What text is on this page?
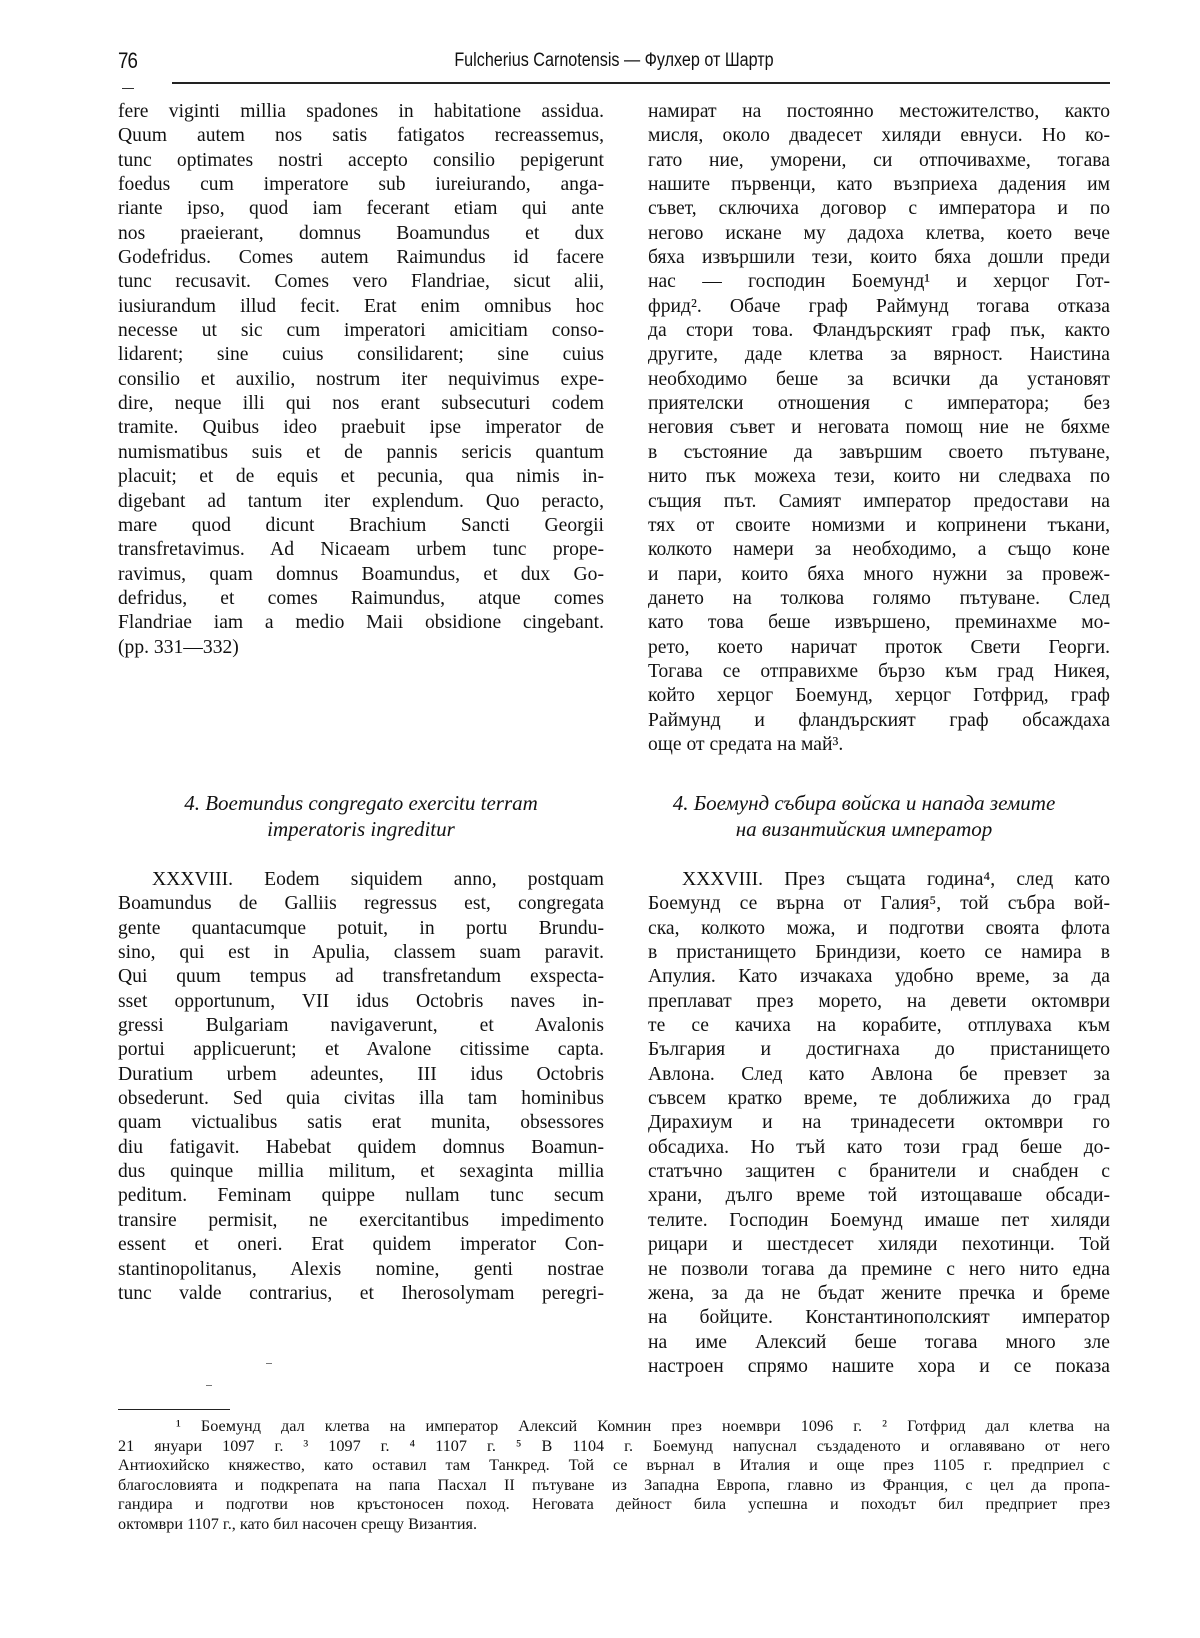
76	Fulcherius Carnotensis — Фулхер от Шартр
fere viginti millia spadones in habitatione assidua.
Quum autem nos satis fatigatos recreassemus,
tunc optimates nostri accepto consilio pepigerunt
foedus cum imperatore sub iureiurando, anga-
riante ipso, quod iam fecerant etiam qui ante
nos praeierant, domnus Boamundus et dux
Godefridus. Comes autem Raimundus id facere
tunc recusavit. Comes vero Flandriae, sicut alii,
iusiurandum illud fecit. Erat enim omnibus hoc
necesse ut sic cum imperatori amicitiam conso-
lidarent; sine cuius consilidarent; sine cuius
consilio et auxilio, nostrum iter nequivimus expe-
dire, neque illi qui nos erant subsecuturi codem
tramite. Quibus ideo praebuit ipse imperator de
numismatibus suis et de pannis sericis quantum
placuit; et de equis et pecunia, qua nimis in-
digebant ad tantum iter explendum. Quo peracto,
mare quod dicunt Brachium Sancti Georgii
transfretavimus. Ad Nicaeam urbem tunc prope-
ravimus, quam domnus Boamundus, et dux Go-
defridus, et comes Raimundus, atque comes
Flandriae iam a medio Maii obsidione cingebant.
(pp. 331—332)
намират на постоянно местожителство, както
мисля, около двадесет хиляди евнуси. Но ко-
гато ние, уморени, си отпочивахме, тогава
нашите първенци, като възприеха дадения им
съвет, сключиха договор с императора и по
негово искане му дадоха клетва, което вече
бяха извършили тези, които бяха дошли преди
нас — господин Боемунд¹ и херцог Гот-
фрид². Обаче граф Раймунд тогава отказа
да стори това. Фландърският граф пък, както
другите, даде клетва за вярност. Наистина
необходимо беше за всички да установят
приятелски отношения с императора; без
неговия съвет и неговата помощ ние не бяхме
в състояние да завършим своето пътуване,
нито пък можеха тези, които ни следваха по
същия път. Самият император предостави на
тях от своите номизми и копринени тъкани,
колкото намери за необходимо, а също коне
и пари, които бяха много нужни за провеж-
дането на толкова голямо пътуване. След
като това беше извършено, преминахме мо-
рето, което наричат проток Свети Георги.
Тогава се отправихме бързо към град Никея,
който херцог Боемунд, херцог Готфрид, граф
Раймунд и фландърският граф обсаждаха
още от средата на май³.
4. Boemundus congregato exercitu terram
imperatoris ingreditur
4. Боемунд събира войска и напада земите
на византийския император
XXXVIII. Eodem siquidem anno, postquam
Boamundus de Galliis regressus est, congregata
gente quantacumque potuit, in portu Brundu-
sino, qui est in Apulia, classem suam paravit.
Qui quum tempus ad transfretandum exspecta-
sset opportunum, VII idus Octobris naves in-
gressi Bulgariam navigaverunt, et Avalonis
portui applicuerunt; et Avalone citissime capta.
Duratium urbem adeuntes, III idus Octobris
obsederunt. Sed quia civitas illa tam hominibus
quam victualibus satis erat munita, obsessores
diu fatigavit. Habebat quidem domnus Boamun-
dus quinque millia militum, et sexaginta millia
peditum. Feminam quippe nullam tunc secum
transire permisit, ne exercitantibus impedimento
essent et oneri. Erat quidem imperator Con-
stantinopolitanus, Alexis nomine, genti nostrae
tunc valde contrarius, et Iherosolymam peregri-
XXXVIII. През същата година⁴, след като
Боемунд се върна от Галия⁵, той събра вой-
ска, колкото можа, и подготви своята флота
в пристанището Бриндизи, което се намира в
Апулия. Като изчакаха удобно време, за да
преплават през морето, на девети октомври
те се качиха на корабите, отплуваха към
България и достигнаха до пристанището
Авлона. След като Авлона бе превзет за
съвсем кратко време, те доближиха до град
Дирахиум и на тринадесети октомври го
обсадиха. Но тъй като този град беше до-
статъчно защитен с бранители и снабден с
храни, дълго време той изтощаваше обсади-
телите. Господин Боемунд имаше пет хиляди
рицари и шестдесет хиляди пехотинци. Той
не позволи тогава да премине с него нито една
жена, за да не бъдат жените пречка и бреме
на бойците. Константинополският император
на име Алексий беше тогава много зле
настроен спрямо нашите хора и се показа
¹ Боемунд дал клетва на император Алексий Комнин през ноември 1096 г. ² Готфрид дал клетва на
21 януари 1097 г. ³ 1097 г. ⁴ 1107 г. ⁵ В 1104 г. Боемунд напуснал създаденото и оглавявано от него
Антиохийско княжество, като оставил там Танкред. Той се върнал в Италия и още през 1105 г. предприел с
благословията и подкрепата на папа Пасхал II пътуване из Западна Европа, главно из Франция, с цел да пропа-
гандира и подготви нов кръстоносен поход. Неговата дейност била успешна и походът бил предприет през
октомври 1107 г., като бил насочен срещу Византия.
